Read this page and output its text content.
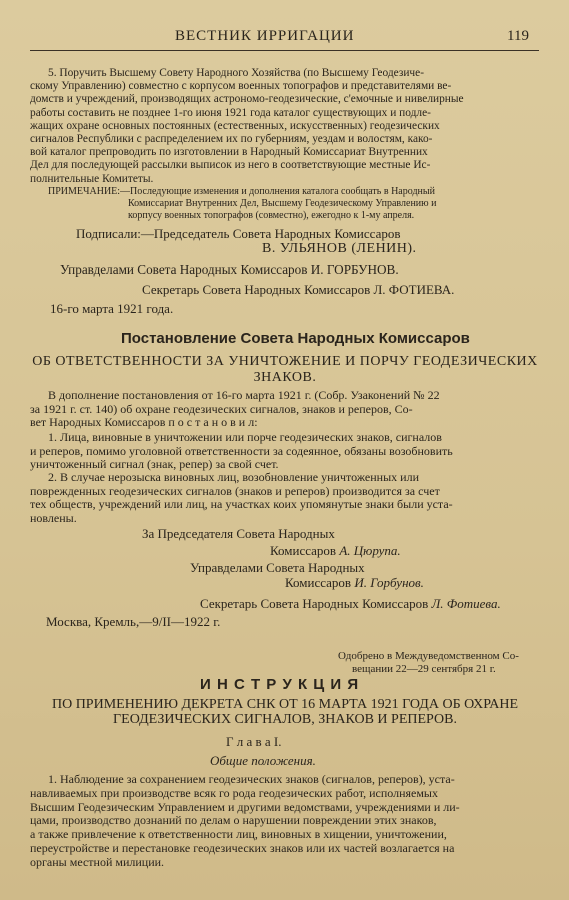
ВЕСТНИК ИРРИГАЦИИ	119

5. Поручить Высшему Совету Народного Хозяйства (по Высшему Геодезиче-

скому Управлению) совместно с корпусом военных топографов и представителями ве-

домств и учреждений, производящих астрономо-геодезические, с'емочные и нивелирные

работы составить не позднее 1-го июня 1921 года каталог существующих и подле-

жащих охране основных постоянных (естественных, искусственных) геодезических

сигналов Республики с распределением их по губерниям, уездам и волостям, како-

вой каталог препроводить по изготовлении в Народный Комиссариат Внутренних

Дел для последующей рассылки выписок из него в соответствующие местные Ис-

полнительные Комитеты.

ПРИМЕЧАНИЕ:—Последующие изменения и дополнения каталога сообщать в Народный

Комиссариат Внутренних Дел, Высшему Геодезическому Управлению и

корпусу военных топографов (совместно), ежегодно к 1-му апреля.

Подписали:—Председатель Совета Народных Комиссаров
В. УЛЬЯНОВ (ЛЕНИН).
Управделами Совета Народных Комиссаров И. ГОРБУНОВ.
Секретарь Совета Народных Комиссаров Л. ФОТИЕВА.
16-го марта 1921 года.
Постановление Совета Народных Комиссаров

ОБ ОТВЕТСТВЕННОСТИ ЗА УНИЧТОЖЕНИЕ И ПОРЧУ ГЕОДЕЗИЧЕСКИХ

ЗНАКОВ.

В дополнение постановления от 16-го марта 1921 г. (Собр. Узаконений № 22

за 1921 г. ст. 140) об охране геодезических сигналов, знаков и реперов, Со-

вет Народных Комиссаров п о с т а н о в и л:

1. Лица, виновные в уничтожении или порче геодезических знаков, сигналов

и реперов, помимо уголовной ответственности за содеянное, обязаны возобновить

уничтоженный сигнал (знак, репер) за свой счет.

2. В случае нерозыска виновных лиц, возобновление уничтоженных или

поврежденных геодезических сигналов (знаков и реперов) производится за счет

тех обществ, учреждений или лиц, на участках коих упомянутые знаки были уста-

новлены.

За Председателя Совета Народных
Комиссаров А. Цюрупа.
Управделами Совета Народных
Комиссаров И. Горбунов.
Секретарь Совета Народных Комиссаров Л. Фотиева.
Москва, Кремль,—9/II—1922 г.

Одобрено в Междуведомственном Со-

вещании 22—29 сентября 21 г.

И Н С Т Р У К Ц И Я

ПО ПРИМЕНЕНИЮ ДЕКРЕТА СНК ОТ 16 МАРТА 1921 ГОДА ОБ ОХРАНЕ

ГЕОДЕЗИЧЕСКИХ СИГНАЛОВ, ЗНАКОВ И РЕПЕРОВ.

Г л а в а I.
Общие положения.

1. Наблюдение за сохранением геодезических знаков (сигналов, реперов), уста-

навливаемых при производстве всяк го рода геодезических работ, исполняемых

Высшим Геодезическим Управлением и другими ведомствами, учреждениями и ли-

цами, производство дознаний по делам о нарушении повреждении этих знаков,

а также привлечение к ответственности лиц, виновных в хищении, уничтожении,

переустройстве и перестановке геодезических знаков или их частей возлагается на

органы местной милиции.
